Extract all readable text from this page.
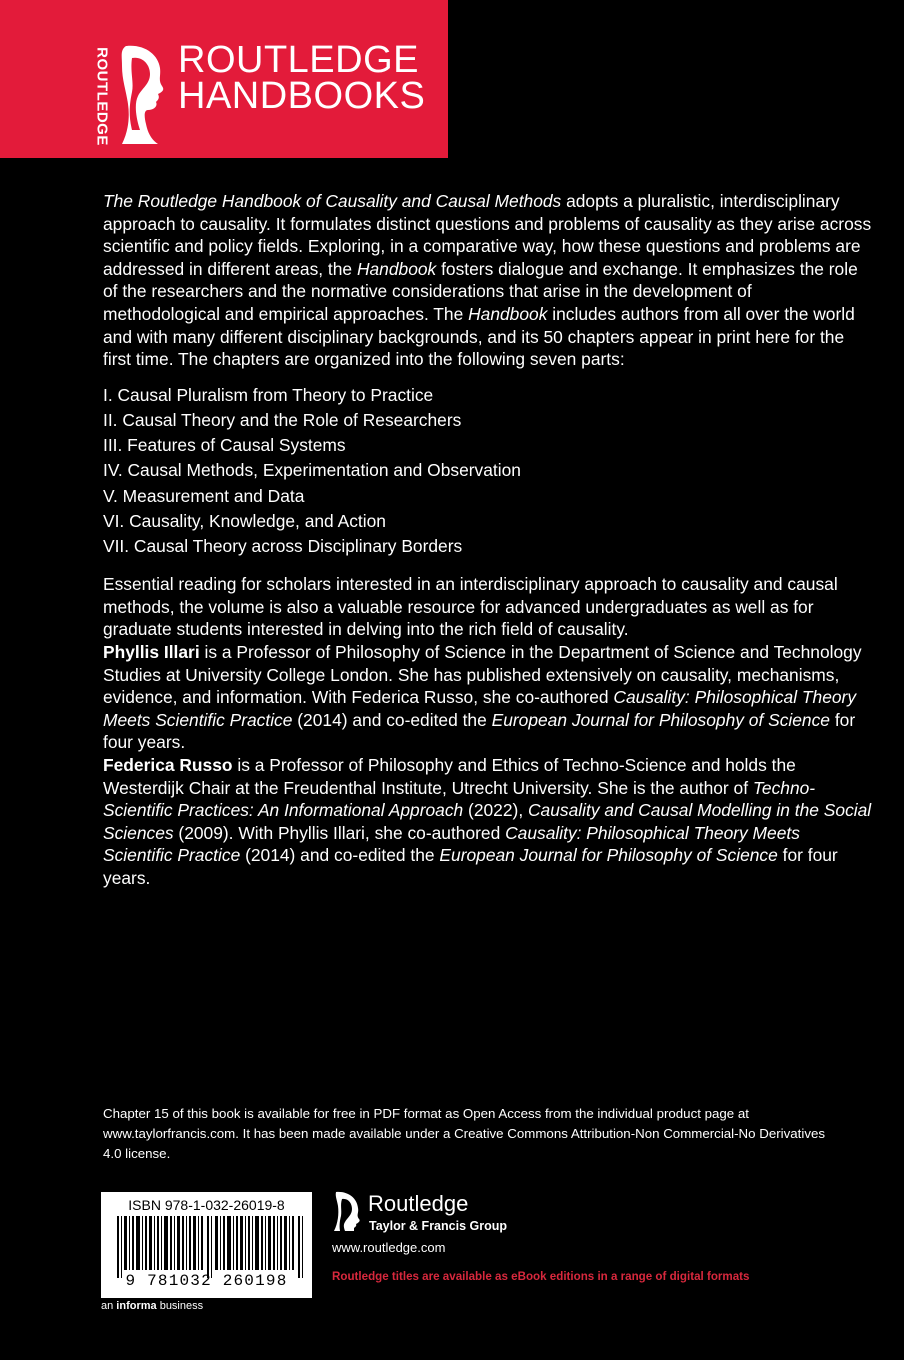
ROUTLEDGE ROUTLEDGE
HANDBOOKS

The Routledge Handbook of Causality and Causal Methods adopts a pluralistic, interdisciplinary approach to causality. It formulates distinct questions and problems of causality as they arise across scientific and policy fields. Exploring, in a comparative way, how these questions and problems are addressed in different areas, the Handbook fosters dialogue and exchange. It emphasizes the role of the researchers and the normative considerations that arise in the development of methodological and empirical approaches. The Handbook includes authors from all over the world and with many different disciplinary backgrounds, and its 50 chapters appear in print here for the first time. The chapters are organized into the following seven parts:

I. Causal Pluralism from Theory to Practice
II. Causal Theory and the Role of Researchers
III. Features of Causal Systems
IV. Causal Methods, Experimentation and Observation
V. Measurement and Data
VI. Causality, Knowledge, and Action
VII. Causal Theory across Disciplinary Borders

Essential reading for scholars interested in an interdisciplinary approach to causality and causal methods, the volume is also a valuable resource for advanced undergraduates as well as for graduate students interested in delving into the rich field of causality.

Phyllis Illari is a Professor of Philosophy of Science in the Department of Science and Technology Studies at University College London. She has published extensively on causality, mechanisms, evidence, and information. With Federica Russo, she co-authored Causality: Philosophical Theory Meets Scientific Practice (2014) and co-edited the European Journal for Philosophy of Science for four years.

Federica Russo is a Professor of Philosophy and Ethics of Techno-Science and holds the Westerdijk Chair at the Freudenthal Institute, Utrecht University. She is the author of Techno-Scientific Practices: An Informational Approach (2022), Causality and Causal Modelling in the Social Sciences (2009). With Phyllis Illari, she co-authored Causality: Philosophical Theory Meets Scientific Practice (2014) and co-edited the European Journal for Philosophy of Science for four years.

Chapter 15 of this book is available for free in PDF format as Open Access from the individual product page at www.taylorfrancis.com. It has been made available under a Creative Commons Attribution-Non Commercial-No Derivatives 4.0 license.
ISBN 978-1-032-26019-8
9 781032 260198
an informa business
Routledge
Taylor & Francis Group
www.routledge.com
Routledge titles are available as eBook editions in a range of digital formats
